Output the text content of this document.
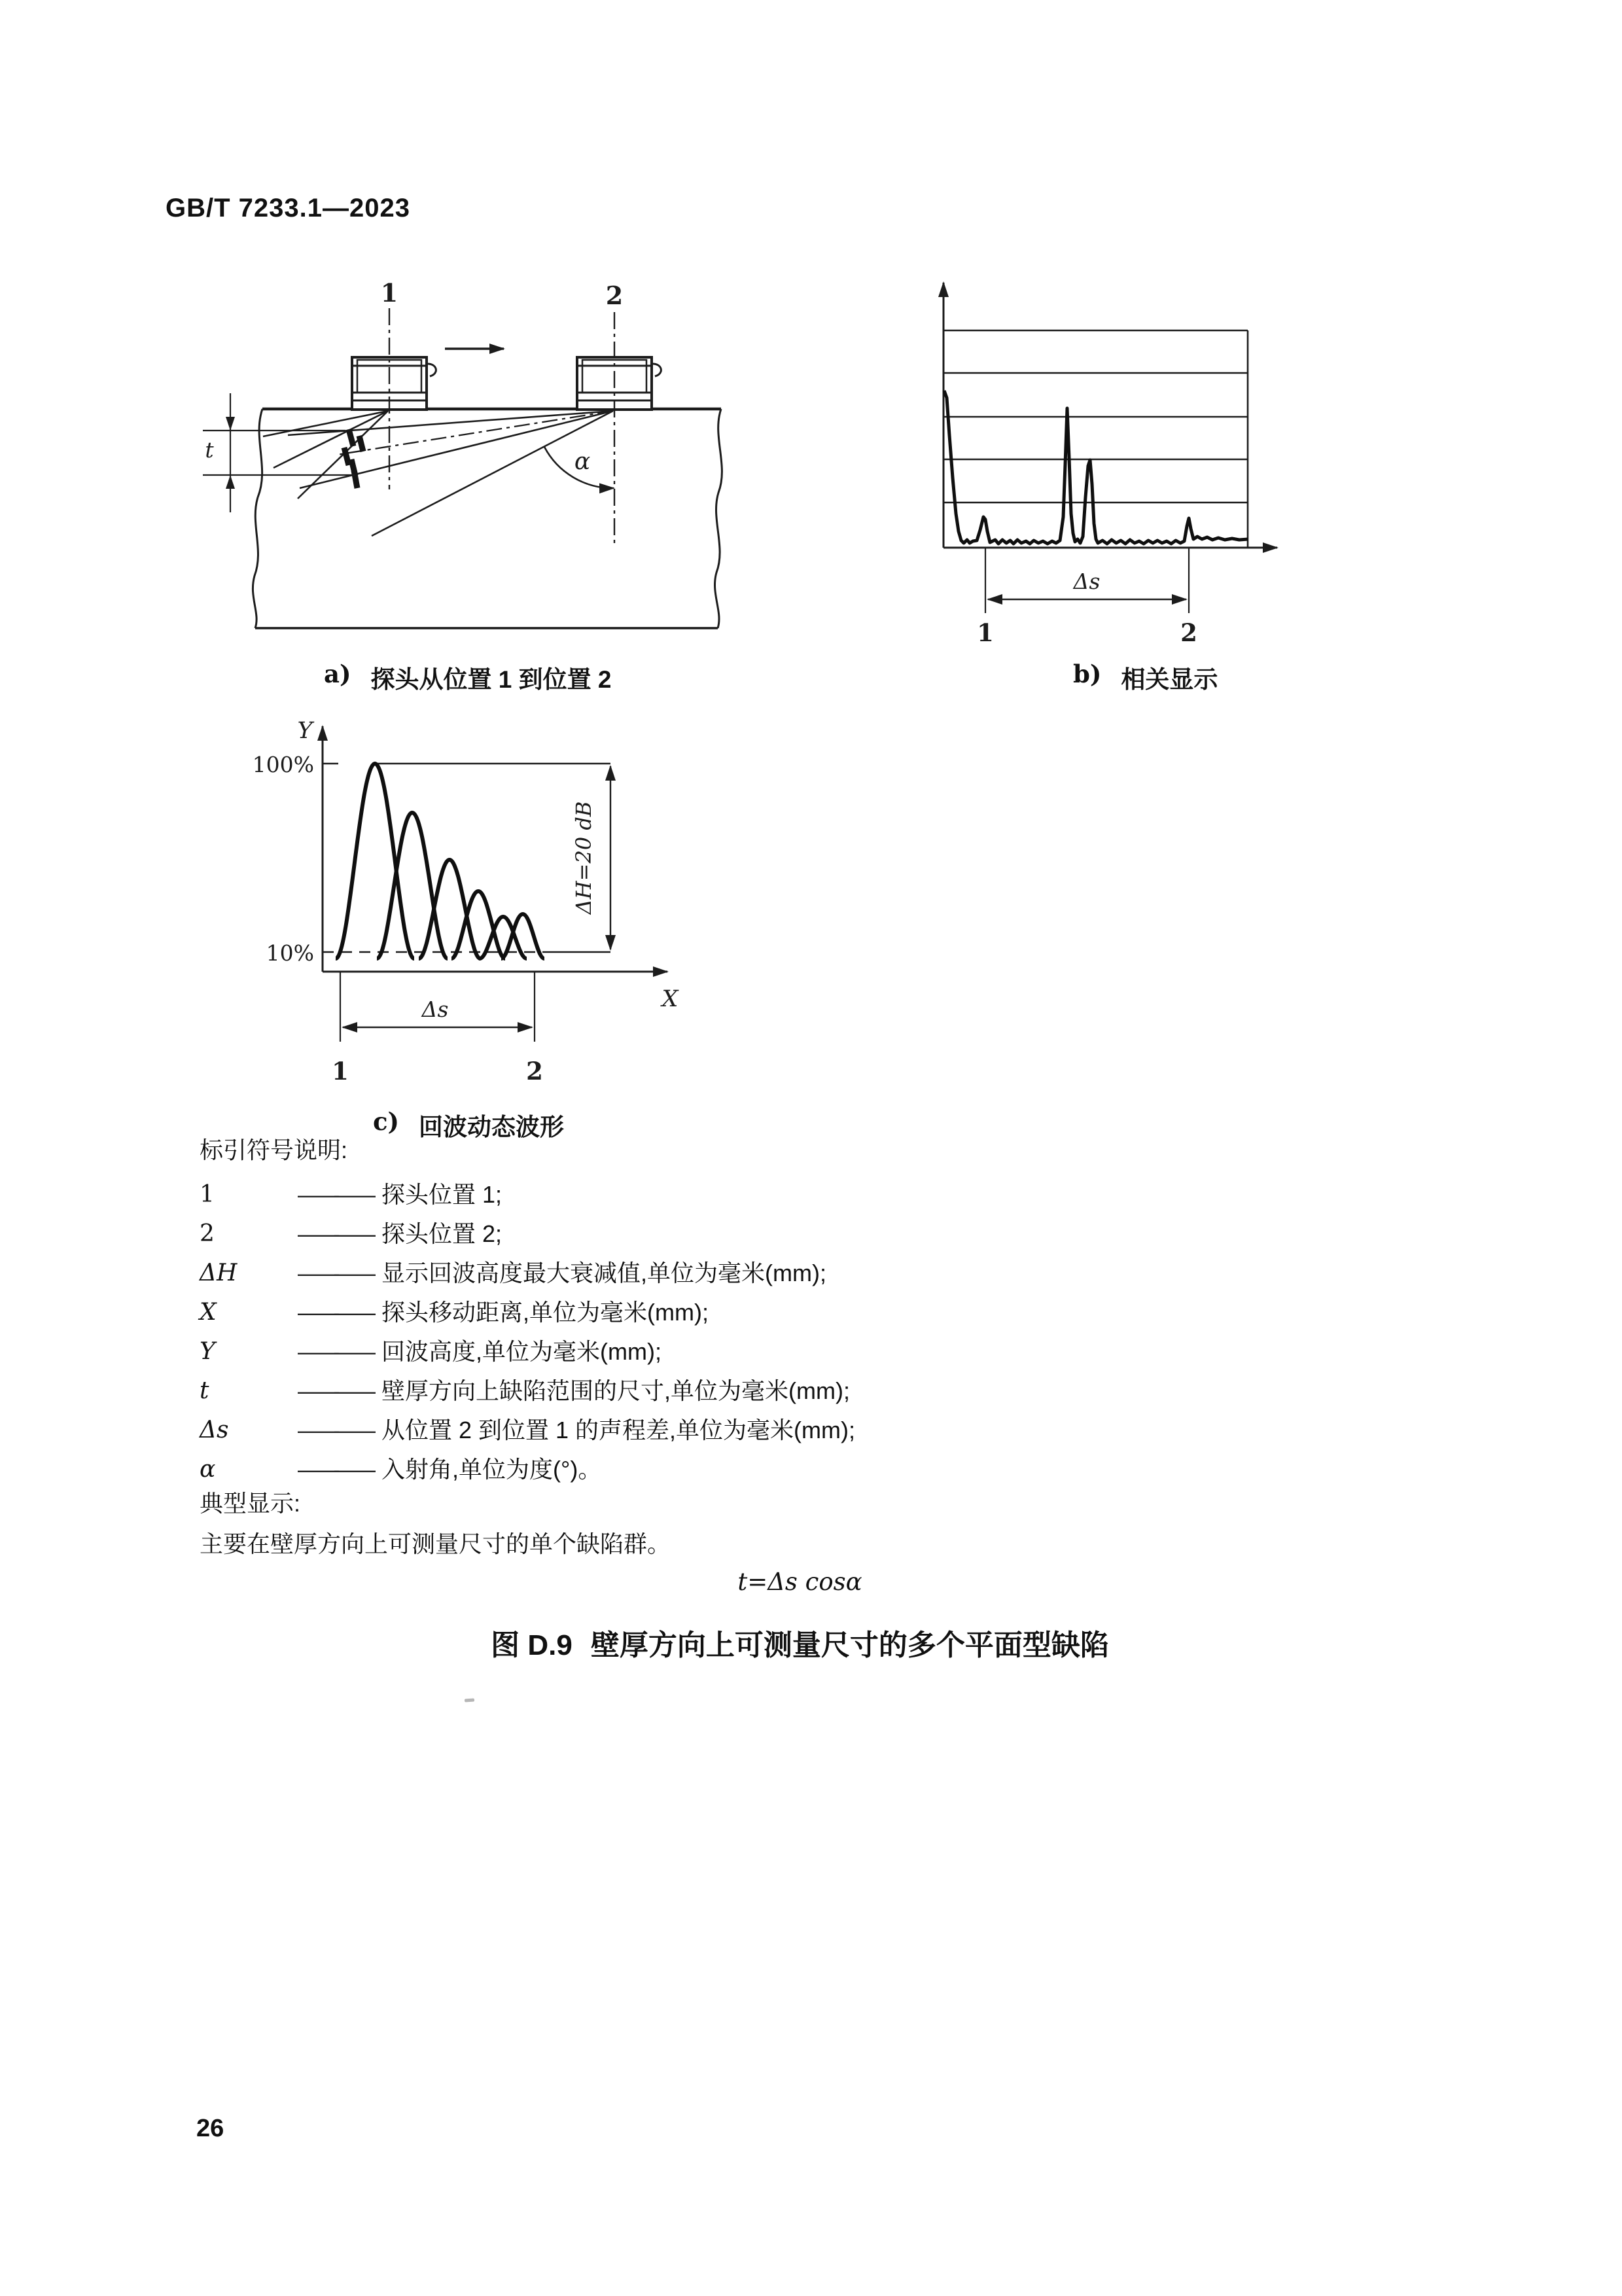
GB/T 7233.1—2023
1	2
t	α
Δs
1	2
a) 探头从位置 1 到位置 2	b) 相关显示
Y
X
100%
10%
ΔH=20 dB
Δs
1	2
c) 回波动态波形
标引符号说明:
1	—— 探头位置 1;
2	—— 探头位置 2;
ΔH	—— 显示回波高度最大衰减值,单位为毫米(mm);
X	—— 探头移动距离,单位为毫米(mm);
Y	—— 回波高度,单位为毫米(mm);
t	—— 壁厚方向上缺陷范围的尺寸,单位为毫米(mm);
Δs	—— 从位置 2 到位置 1 的声程差,单位为毫米(mm);
α	—— 入射角,单位为度(°)。
典型显示:
主要在壁厚方向上可测量尺寸的单个缺陷群。
t=Δs cosα
图 D.9 壁厚方向上可测量尺寸的多个平面型缺陷
26
